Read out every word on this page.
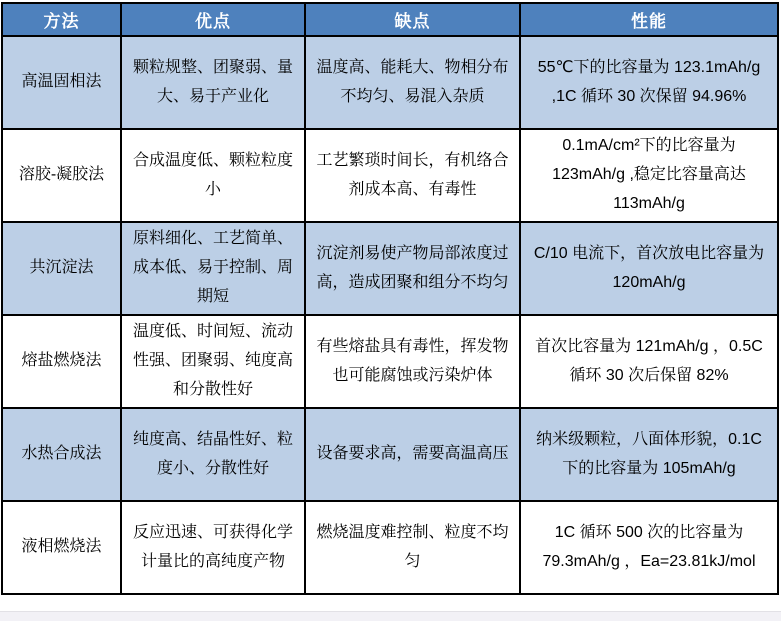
方法	优点	缺点	性能
高温固相法	颗粒规整、团聚弱、量大、易于产业化	温度高、能耗大、物相分布不均匀、易混入杂质	55℃下的比容量为 123.1mAh/g ,1C 循环 30 次保留 94.96%
溶胶-凝胶法	合成温度低、颗粒粒度小	工艺繁琐时间长，有机络合剂成本高、有毒性	0.1mA/cm²下的比容量为 123mAh/g ,稳定比容量高达 113mAh/g
共沉淀法	原料细化、工艺简单、成本低、易于控制、周期短	沉淀剂易使产物局部浓度过高，造成团聚和组分不均匀	C/10 电流下，首次放电比容量为 120mAh/g
熔盐燃烧法	温度低、时间短、流动性强、团聚弱、纯度高和分散性好	有些熔盐具有毒性，挥发物也可能腐蚀或污染炉体	首次比容量为 121mAh/g ，0.5C 循环 30 次后保留 82%
水热合成法	纯度高、结晶性好、粒度小、分散性好	设备要求高，需要高温高压	纳米级颗粒，八面体形貌，0.1C 下的比容量为 105mAh/g
液相燃烧法	反应迅速、可获得化学计量比的高纯度产物	燃烧温度难控制、粒度不均匀	1C 循环 500 次的比容量为 79.3mAh/g ，Ea=23.81kJ/mol
